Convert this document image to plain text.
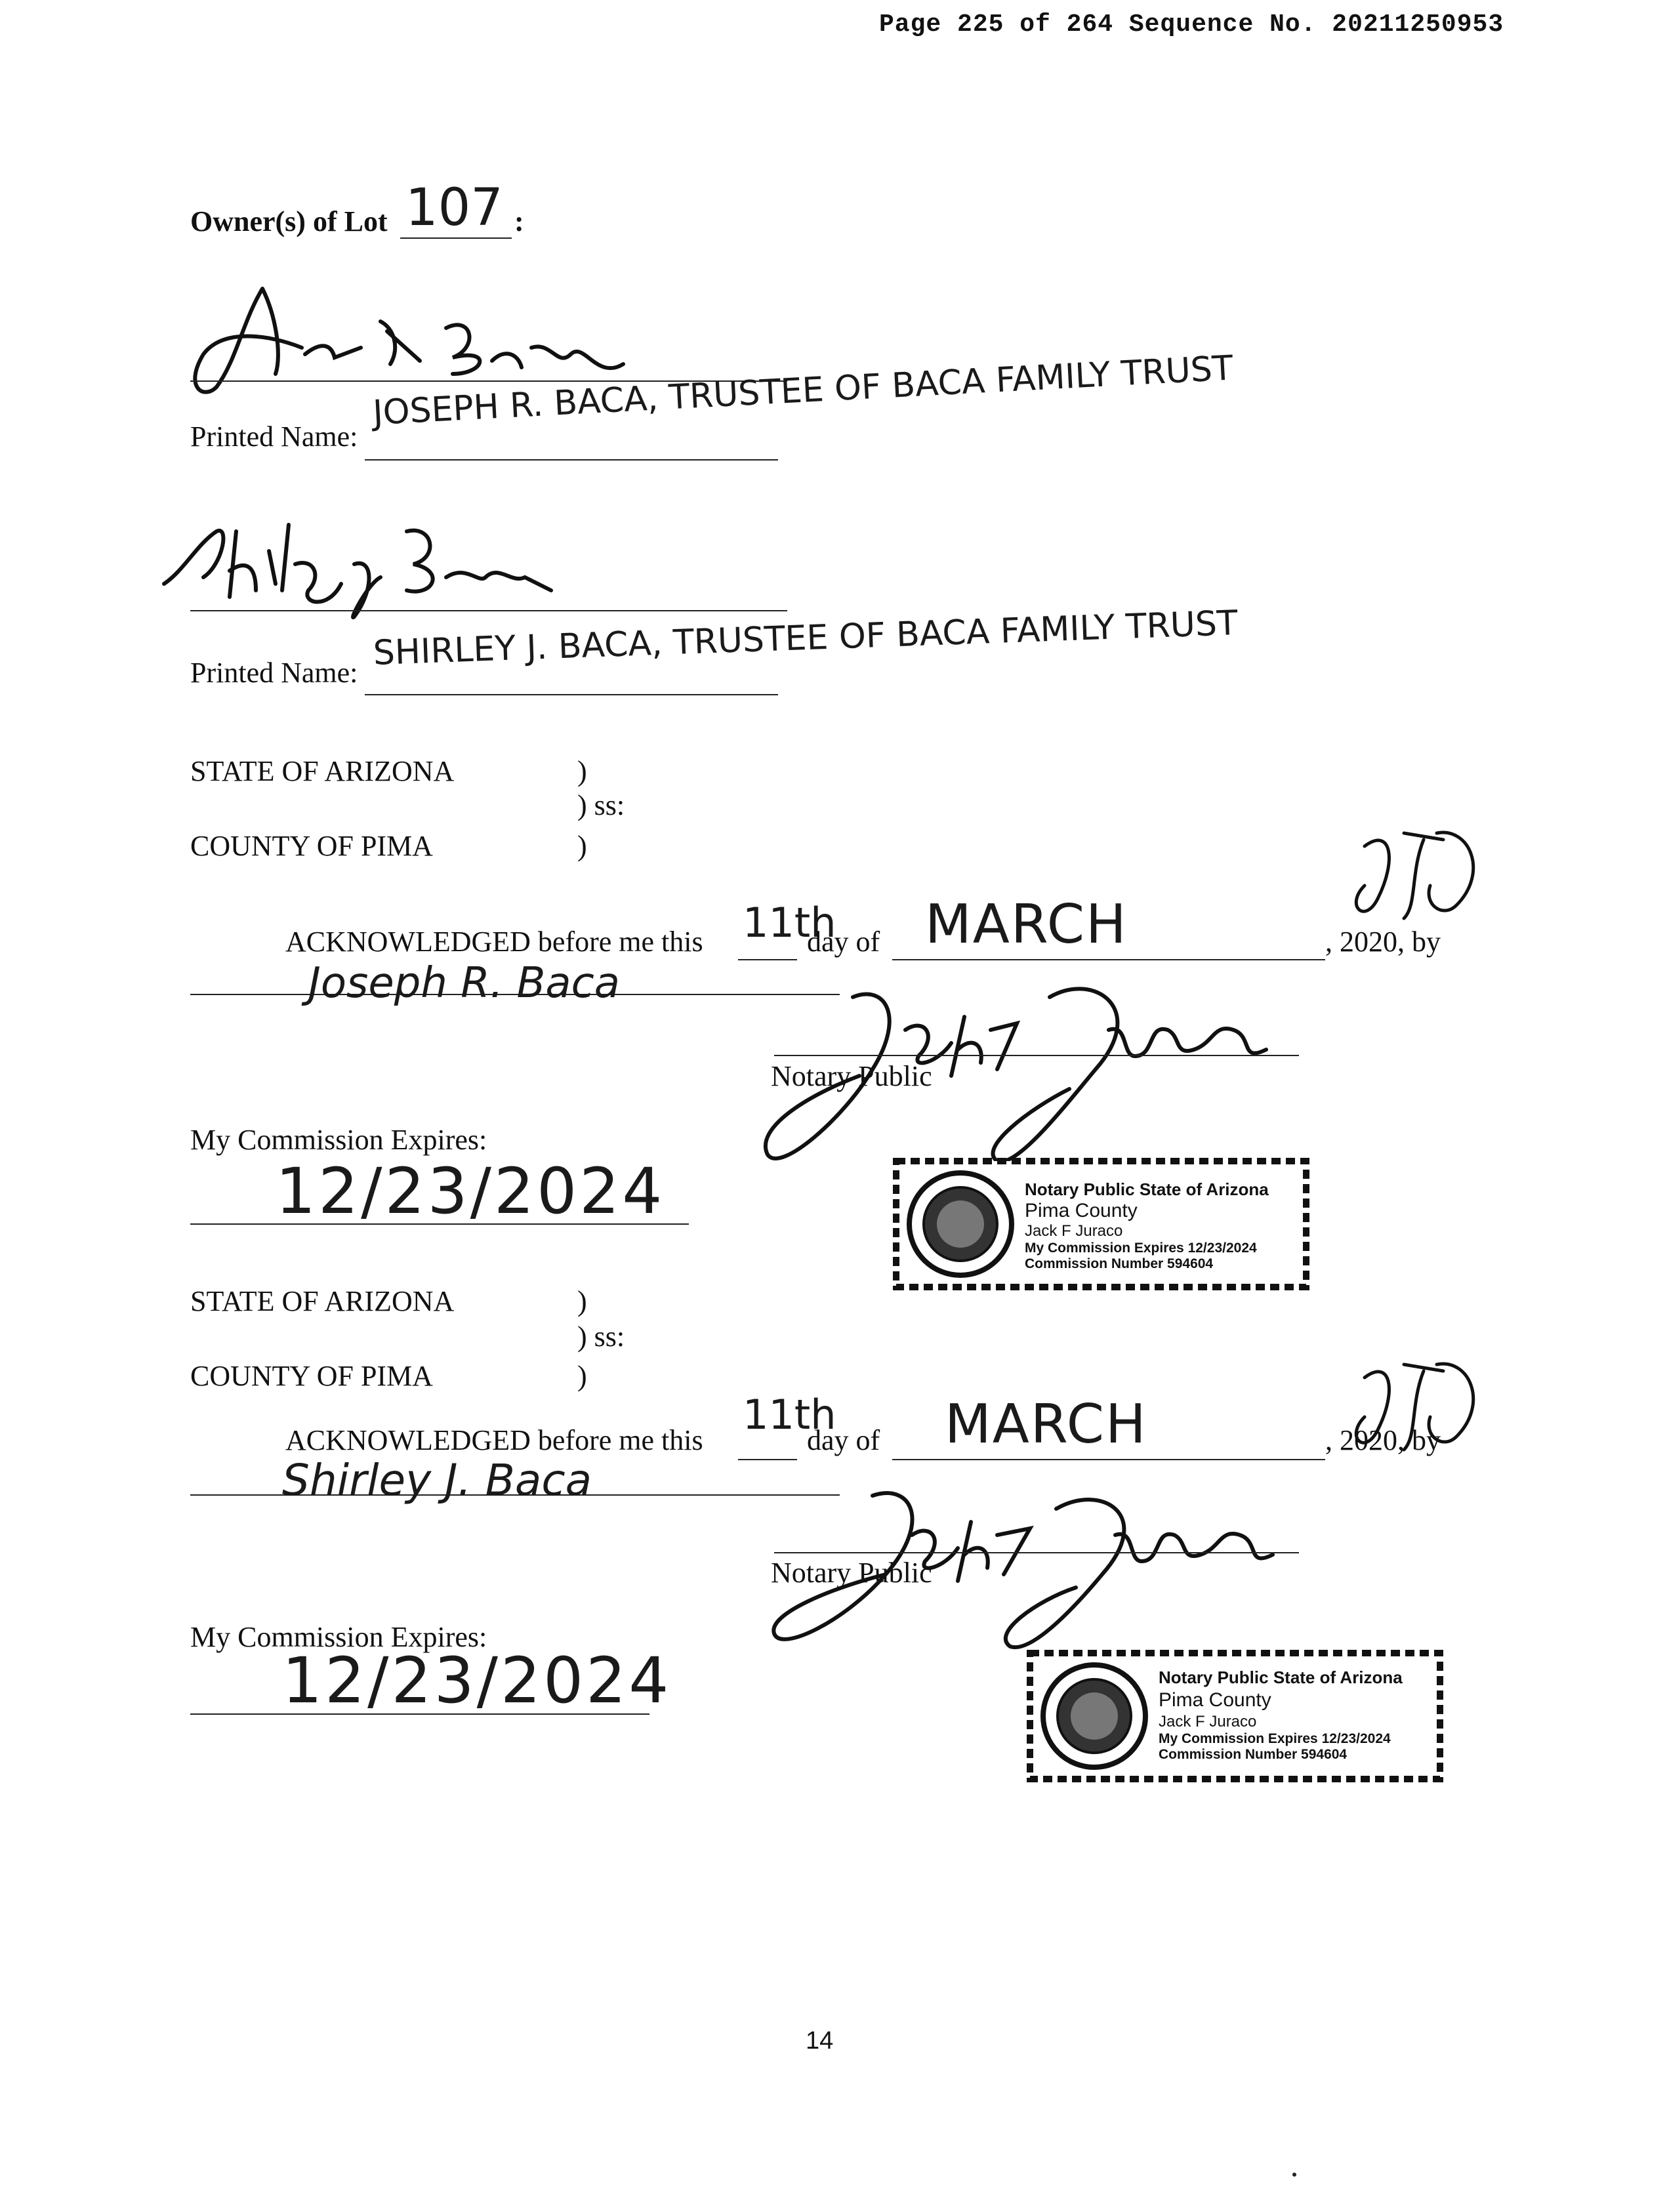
Page 225 of 264 Sequence No. 20211250953
Owner(s) of Lot 107 :
Printed Name:
JOSEPH R. BACA, TRUSTEE OF BACA FAMILY TRUST
Printed Name: SHIRLEY J. BACA, TRUSTEE OF BACA FAMILY TRUST
STATE OF ARIZONA	)
) ss:
COUNTY OF PIMA	)
ACKNOWLEDGED before me this 11th
day of MARCH	, 2020, by
Joseph R. Baca
Notary Public
My Commission Expires:
12/23/2024	Notary Public State of Arizona
Pima County
Jack F Juraco
My Commission Expires 12/23/2024
Commission Number 594604
STATE OF ARIZONA	)
) ss:
COUNTY OF PIMA	)
ACKNOWLEDGED before me this
11th
day of MARCH	, 2020, by
Shirley J. Baca
Notary Public
My Commission Expires:
12/23/2024	Notary Public State of Arizona
Pima County
Jack F Juraco
My Commission Expires 12/23/2024
Commission Number 594604
14
